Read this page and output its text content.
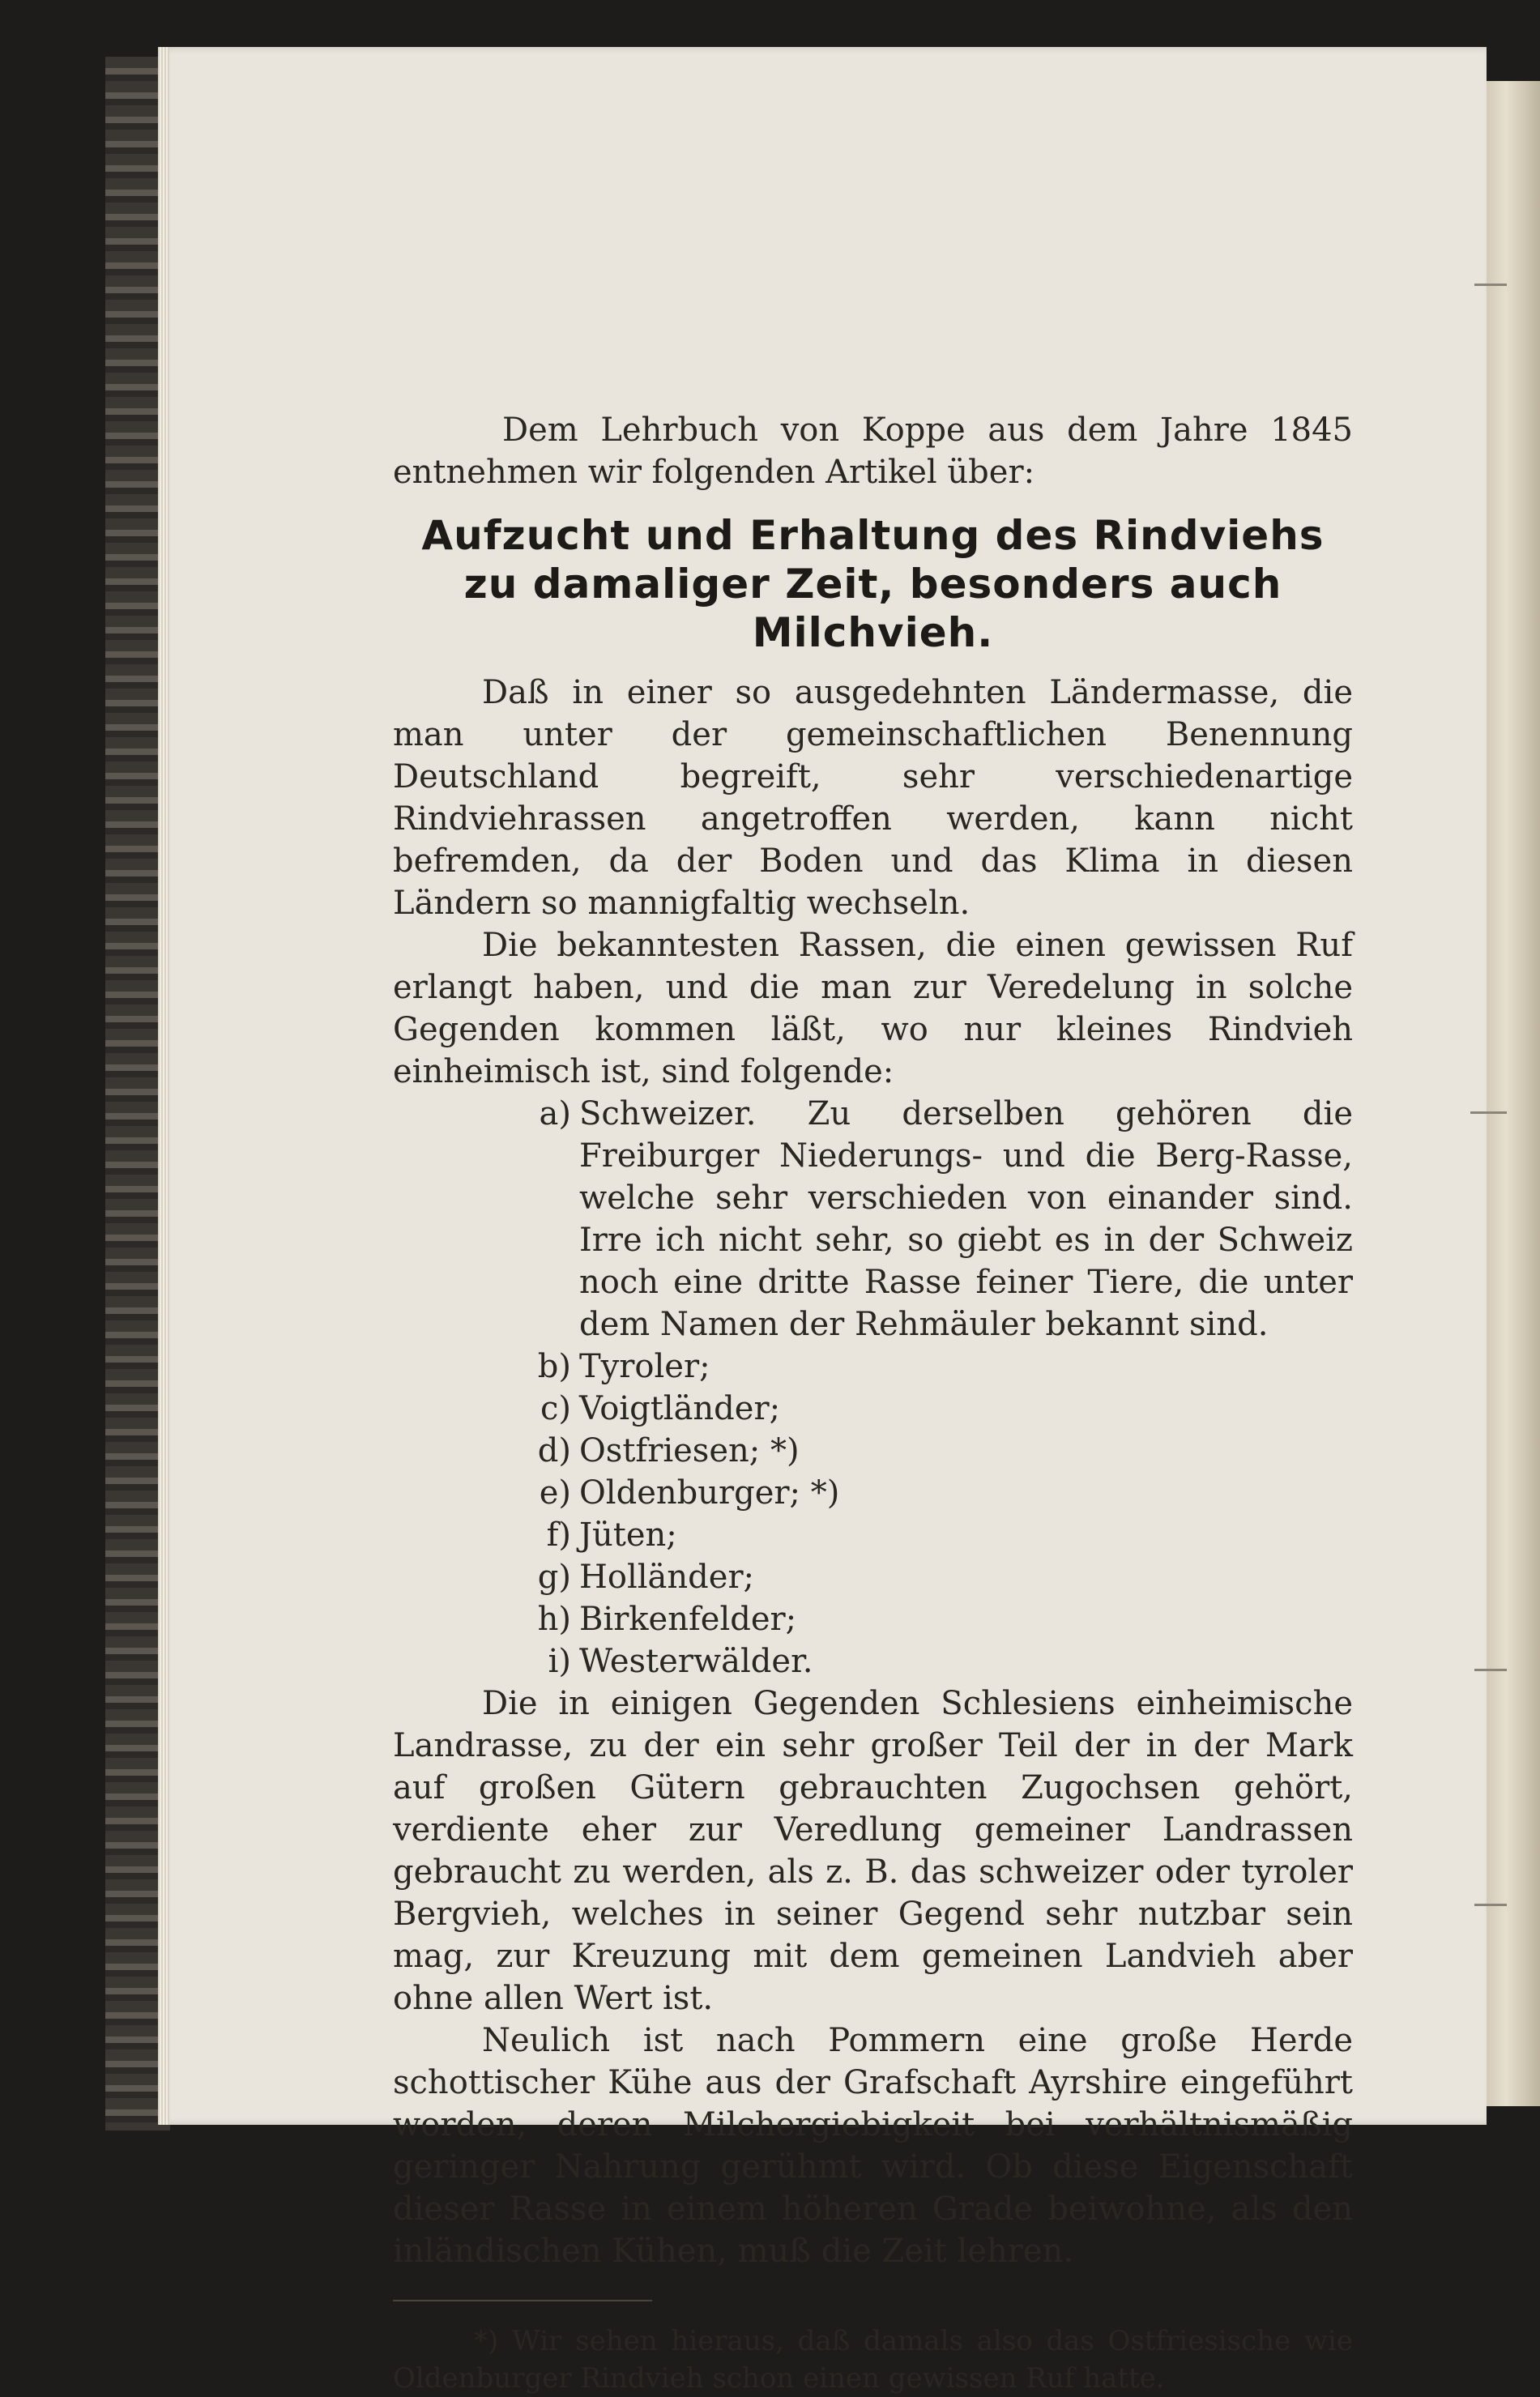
Dem Lehrbuch von Koppe aus dem Jahre 1845 entnehmen wir folgenden Artikel über:

Aufzucht und Erhaltung des Rindviehs zu damaliger Zeit, besonders auch Milchvieh.

Daß in einer so ausgedehnten Ländermasse, die man unter der gemeinschaftlichen Benennung Deutschland begreift, sehr verschiedenartige Rindviehrassen angetroffen werden, kann nicht befremden, da der Boden und das Klima in diesen Ländern so mannigfaltig wechseln.

Die bekanntesten Rassen, die einen gewissen Ruf erlangt haben, und die man zur Veredelung in solche Gegenden kommen läßt, wo nur kleines Rindvieh einheimisch ist, sind folgende:

a) Schweizer. Zu derselben gehören die Freiburger Niederungs- und die Berg-Rasse, welche sehr verschieden von einander sind. Irre ich nicht sehr, so giebt es in der Schweiz noch eine dritte Rasse feiner Tiere, die unter dem Namen der Rehmäuler bekannt sind.
b) Tyroler;
c) Voigtländer;
d) Ostfriesen; *)
e) Oldenburger; *)
f) Jüten;
g) Holländer;
h) Birkenfelder;
i) Westerwälder.

Die in einigen Gegenden Schlesiens einheimische Landrasse, zu der ein sehr großer Teil der in der Mark auf großen Gütern gebrauchten Zugochsen gehört, verdiente eher zur Veredlung gemeiner Landrassen gebraucht zu werden, als z. B. das schweizer oder tyroler Bergvieh, welches in seiner Gegend sehr nutzbar sein mag, zur Kreuzung mit dem gemeinen Landvieh aber ohne allen Wert ist.

Neulich ist nach Pommern eine große Herde schottischer Kühe aus der Grafschaft Ayrshire eingeführt worden, deren Milchergiebigkeit bei verhältnismäßig geringer Nahrung gerühmt wird. Ob diese Eigenschaft dieser Rasse in einem höheren Grade beiwohne, als den inländischen Kühen, muß die Zeit lehren.

*) Wir sehen hieraus, daß damals also das Ostfriesische wie Oldenburger Rindvieh schon einen gewissen Ruf hatte.
